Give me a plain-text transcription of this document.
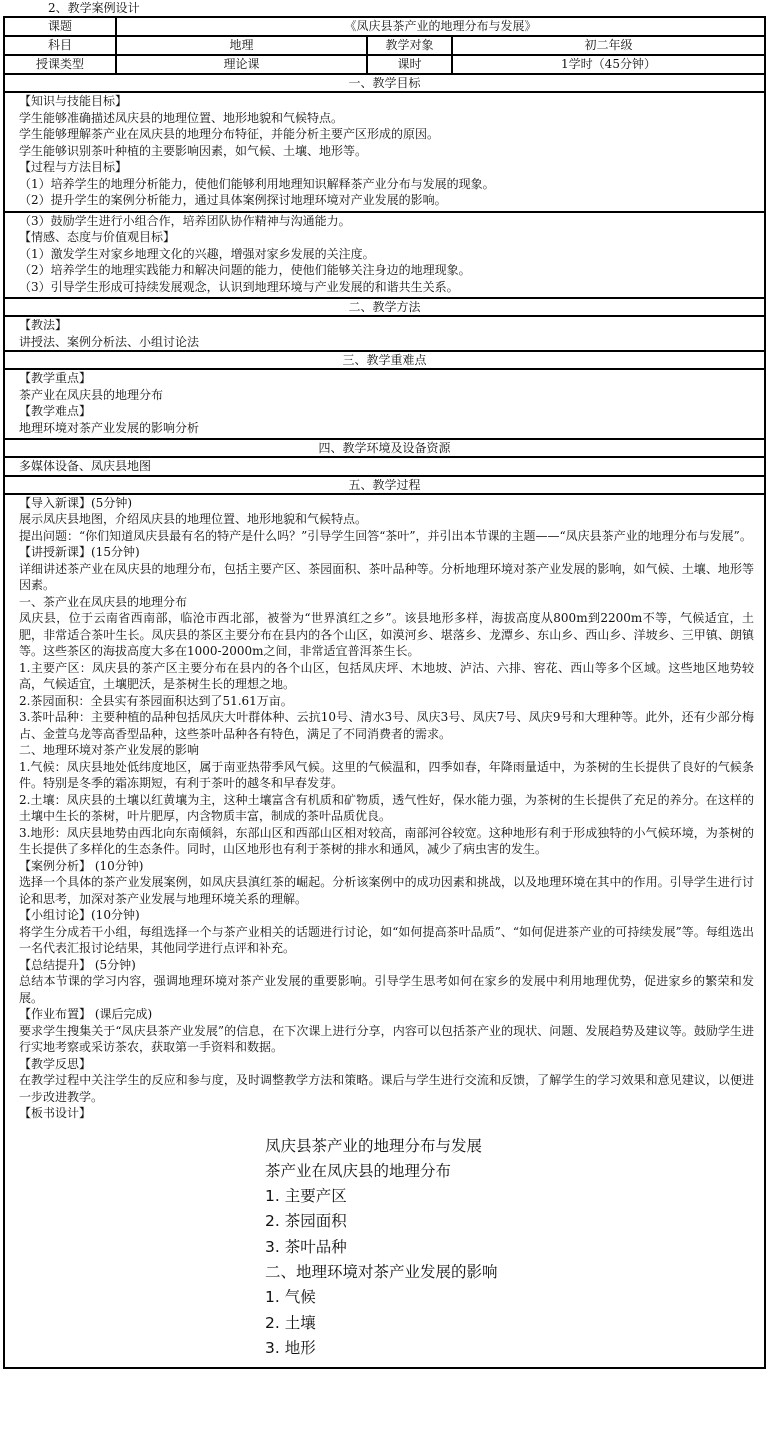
2、教学案例设计
课题	《凤庆县茶产业的地理分布与发展》
科目	地理	教学对象	初二年级
授课类型	理论课	课时	1学时（45分钟）
一、教学目标
【知识与技能目标】
学生能够准确描述凤庆县的地理位置、地形地貌和气候特点。
学生能够理解茶产业在凤庆县的地理分布特征，并能分析主要产区形成的原因。
学生能够识别茶叶种植的主要影响因素，如气候、土壤、地形等。
【过程与方法目标】
（1）培养学生的地理分析能力，使他们能够利用地理知识解释茶产业分布与发展的现象。
（2）提升学生的案例分析能力，通过具体案例探讨地理环境对产业发展的影响。
（3）鼓励学生进行小组合作，培养团队协作精神与沟通能力。
【情感、态度与价值观目标】
（1）激发学生对家乡地理文化的兴趣，增强对家乡发展的关注度。
（2）培养学生的地理实践能力和解决问题的能力，使他们能够关注身边的地理现象。
（3）引导学生形成可持续发展观念，认识到地理环境与产业发展的和谐共生关系。
二、教学方法
【教法】
讲授法、案例分析法、小组讨论法
三、教学重难点
【教学重点】
茶产业在凤庆县的地理分布
【教学难点】
地理环境对茶产业发展的影响分析
四、教学环境及设备资源
多媒体设备、凤庆县地图
五、教学过程
【导入新课】(5分钟)
展示凤庆县地图，介绍凤庆县的地理位置、地形地貌和气候特点。
提出问题：“你们知道凤庆县最有名的特产是什么吗？”引导学生回答“茶叶”，并引出本节课的主题——“凤庆县茶产业的地理分布与发展”。
【讲授新课】(15分钟)
详细讲述茶产业在凤庆县的地理分布，包括主要产区、茶园面积、茶叶品种等。分析地理环境对茶产业发展的影响，如气候、土壤、地形等因素。
一、茶产业在凤庆县的地理分布
凤庆县，位于云南省西南部，临沧市西北部，被誉为“世界滇红之乡”。该县地形多样，海拔高度从800m到2200m不等，气候适宜，土肥，非常适合茶叶生长。凤庆县的茶区主要分布在县内的各个山区，如漠河乡、堪落乡、龙潭乡、东山乡、西山乡、洋坡乡、三甲镇、朗镇等。这些茶区的海拔高度大多在1000-2000m之间，非常适宜普洱茶生长。
1.主要产区：凤庆县的茶产区主要分布在县内的各个山区，包括凤庆坪、木地坡、泸沽、六排、窖花、西山等多个区域。这些地区地势较高，气候适宜，土壤肥沃，是茶树生长的理想之地。
2.茶园面积：全县实有茶园面积达到了51.61万亩。
3.茶叶品种：主要种植的品种包括凤庆大叶群体种、云抗10号、清水3号、凤庆3号、凤庆7号、凤庆9号和大理种等。此外，还有少部分梅占、金萱乌龙等高香型品种，这些茶叶品种各有特色，满足了不同消费者的需求。
二、地理环境对茶产业发展的影响
1.气候：凤庆县地处低纬度地区，属于南亚热带季风气候。这里的气候温和，四季如春，年降雨量适中，为茶树的生长提供了良好的气候条件。特别是冬季的霜冻期短，有利于茶叶的越冬和早春发芽。
2.土壤：凤庆县的土壤以红黄壤为主，这种土壤富含有机质和矿物质，透气性好，保水能力强，为茶树的生长提供了充足的养分。在这样的土壤中生长的茶树，叶片肥厚，内含物质丰富，制成的茶叶品质优良。
3.地形：凤庆县地势由西北向东南倾斜，东部山区和西部山区相对较高，南部河谷较宽。这种地形有利于形成独特的小气候环境，为茶树的生长提供了多样化的生态条件。同时，山区地形也有利于茶树的排水和通风，减少了病虫害的发生。
【案例分析】 (10分钟)
选择一个具体的茶产业发展案例，如凤庆县滇红茶的崛起。分析该案例中的成功因素和挑战，以及地理环境在其中的作用。引导学生进行讨论和思考，加深对茶产业发展与地理环境关系的理解。
【小组讨论】(10分钟)
将学生分成若干小组，每组选择一个与茶产业相关的话题进行讨论，如“如何提高茶叶品质”、“如何促进茶产业的可持续发展”等。每组选出一名代表汇报讨论结果，其他同学进行点评和补充。
【总结提升】 (5分钟)
总结本节课的学习内容，强调地理环境对茶产业发展的重要影响。引导学生思考如何在家乡的发展中利用地理优势，促进家乡的繁荣和发展。
【作业布置】 (课后完成)
要求学生搜集关于“凤庆县茶产业发展”的信息，在下次课上进行分享，内容可以包括茶产业的现状、问题、发展趋势及建议等。鼓励学生进行实地考察或采访茶农，获取第一手资料和数据。
【教学反思】
在教学过程中关注学生的反应和参与度，及时调整教学方法和策略。课后与学生进行交流和反馈，了解学生的学习效果和意见建议，以便进一步改进教学。
【板书设计】
凤庆县茶产业的地理分布与发展
茶产业在凤庆县的地理分布
1. 主要产区
2. 茶园面积
3. 茶叶品种
二、地理环境对茶产业发展的影响
1. 气候
2. 土壤
3. 地形
